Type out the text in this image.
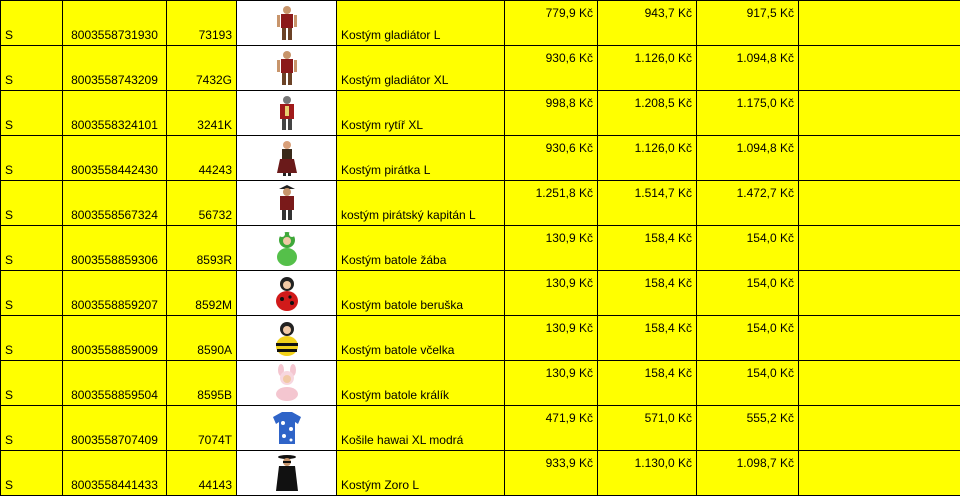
S	8003558731930	73193		Kostým gladiátor L	779,9 Kč	943,7 Kč	917,5 Kč	
S	8003558743209	7432G		Kostým gladiátor XL	930,6 Kč	1.126,0 Kč	1.094,8 Kč	
S	8003558324101	3241K		Kostým rytíř XL	998,8 Kč	1.208,5 Kč	1.175,0 Kč	
S	8003558442430	44243		Kostým pirátka L	930,6 Kč	1.126,0 Kč	1.094,8 Kč	
S	8003558567324	56732		kostým pirátský kapitán L	1.251,8 Kč	1.514,7 Kč	1.472,7 Kč	
S	8003558859306	8593R		Kostým batole žába	130,9 Kč	158,4 Kč	154,0 Kč	
S	8003558859207	8592M		Kostým batole beruška	130,9 Kč	158,4 Kč	154,0 Kč	
S	8003558859009	8590A		Kostým batole včelka	130,9 Kč	158,4 Kč	154,0 Kč	
S	8003558859504	8595B		Kostým batole králík	130,9 Kč	158,4 Kč	154,0 Kč	
S	8003558707409	7074T		Košile hawai XL modrá	471,9 Kč	571,0 Kč	555,2 Kč	
S	8003558441433	44143		Kostým Zoro L	933,9 Kč	1.130,0 Kč	1.098,7 Kč	
